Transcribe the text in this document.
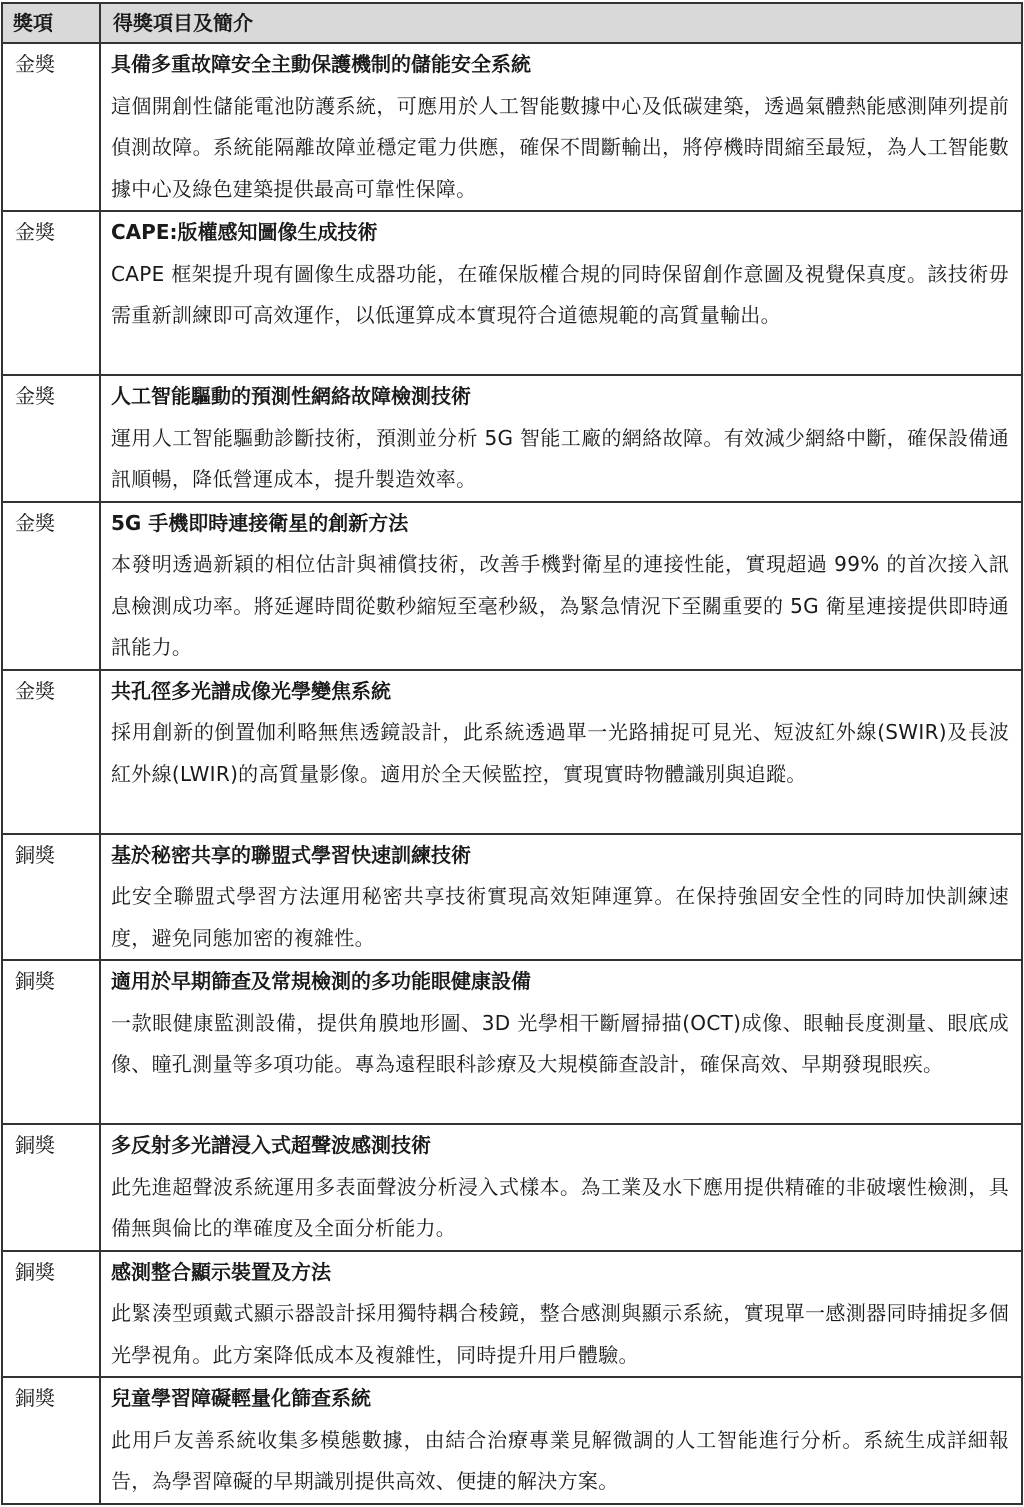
獎項	得獎項目及簡介
金獎	具備多重故障安全主動保護機制的儲能安全系統
這個開創性儲能電池防護系統，可應用於人工智能數據中心及低碳建築，透過氣體熱能感測陣列提前偵測故障。系統能隔離故障並穩定電力供應，確保不間斷輸出，將停機時間縮至最短，為人工智能數據中心及綠色建築提供最高可靠性保障。

金獎	CAPE:版權感知圖像生成技術
CAPE 框架提升現有圖像生成器功能，在確保版權合規的同時保留創作意圖及視覺保真度。該技術毋需重新訓練即可高效運作，以低運算成本實現符合道德規範的高質量輸出。

金獎	人工智能驅動的預測性網絡故障檢測技術
運用人工智能驅動診斷技術，預測並分析 5G 智能工廠的網絡故障。有效減少網絡中斷，確保設備通訊順暢，降低營運成本，提升製造效率。

金獎	5G 手機即時連接衛星的創新方法
本發明透過新穎的相位估計與補償技術，改善手機對衛星的連接性能，實現超過 99% 的首次接入訊息檢測成功率。將延遲時間從數秒縮短至毫秒級，為緊急情況下至關重要的 5G 衛星連接提供即時通訊能力。

金獎	共孔徑多光譜成像光學變焦系統
採用創新的倒置伽利略無焦透鏡設計，此系統透過單一光路捕捉可見光、短波紅外線(SWIR)及長波紅外線(LWIR)的高質量影像。適用於全天候監控，實現實時物體識別與追蹤。

銅獎	基於秘密共享的聯盟式學習快速訓練技術
此安全聯盟式學習方法運用秘密共享技術實現高效矩陣運算。在保持強固安全性的同時加快訓練速度，避免同態加密的複雜性。

銅獎	適用於早期篩查及常規檢測的多功能眼健康設備
一款眼健康監測設備，提供角膜地形圖、3D 光學相干斷層掃描(OCT)成像、眼軸長度測量、眼底成像、瞳孔測量等多項功能。專為遠程眼科診療及大規模篩查設計，確保高效、早期發現眼疾。

銅獎	多反射多光譜浸入式超聲波感測技術
此先進超聲波系統運用多表面聲波分析浸入式樣本。為工業及水下應用提供精確的非破壞性檢測，具備無與倫比的準確度及全面分析能力。

銅獎	感測整合顯示裝置及方法
此緊湊型頭戴式顯示器設計採用獨特耦合稜鏡，整合感測與顯示系統，實現單一感測器同時捕捉多個光學視角。此方案降低成本及複雜性，同時提升用戶體驗。

銅獎	兒童學習障礙輕量化篩查系統
此用戶友善系統收集多模態數據，由結合治療專業見解微調的人工智能進行分析。系統生成詳細報告，為學習障礙的早期識別提供高效、便捷的解決方案。
